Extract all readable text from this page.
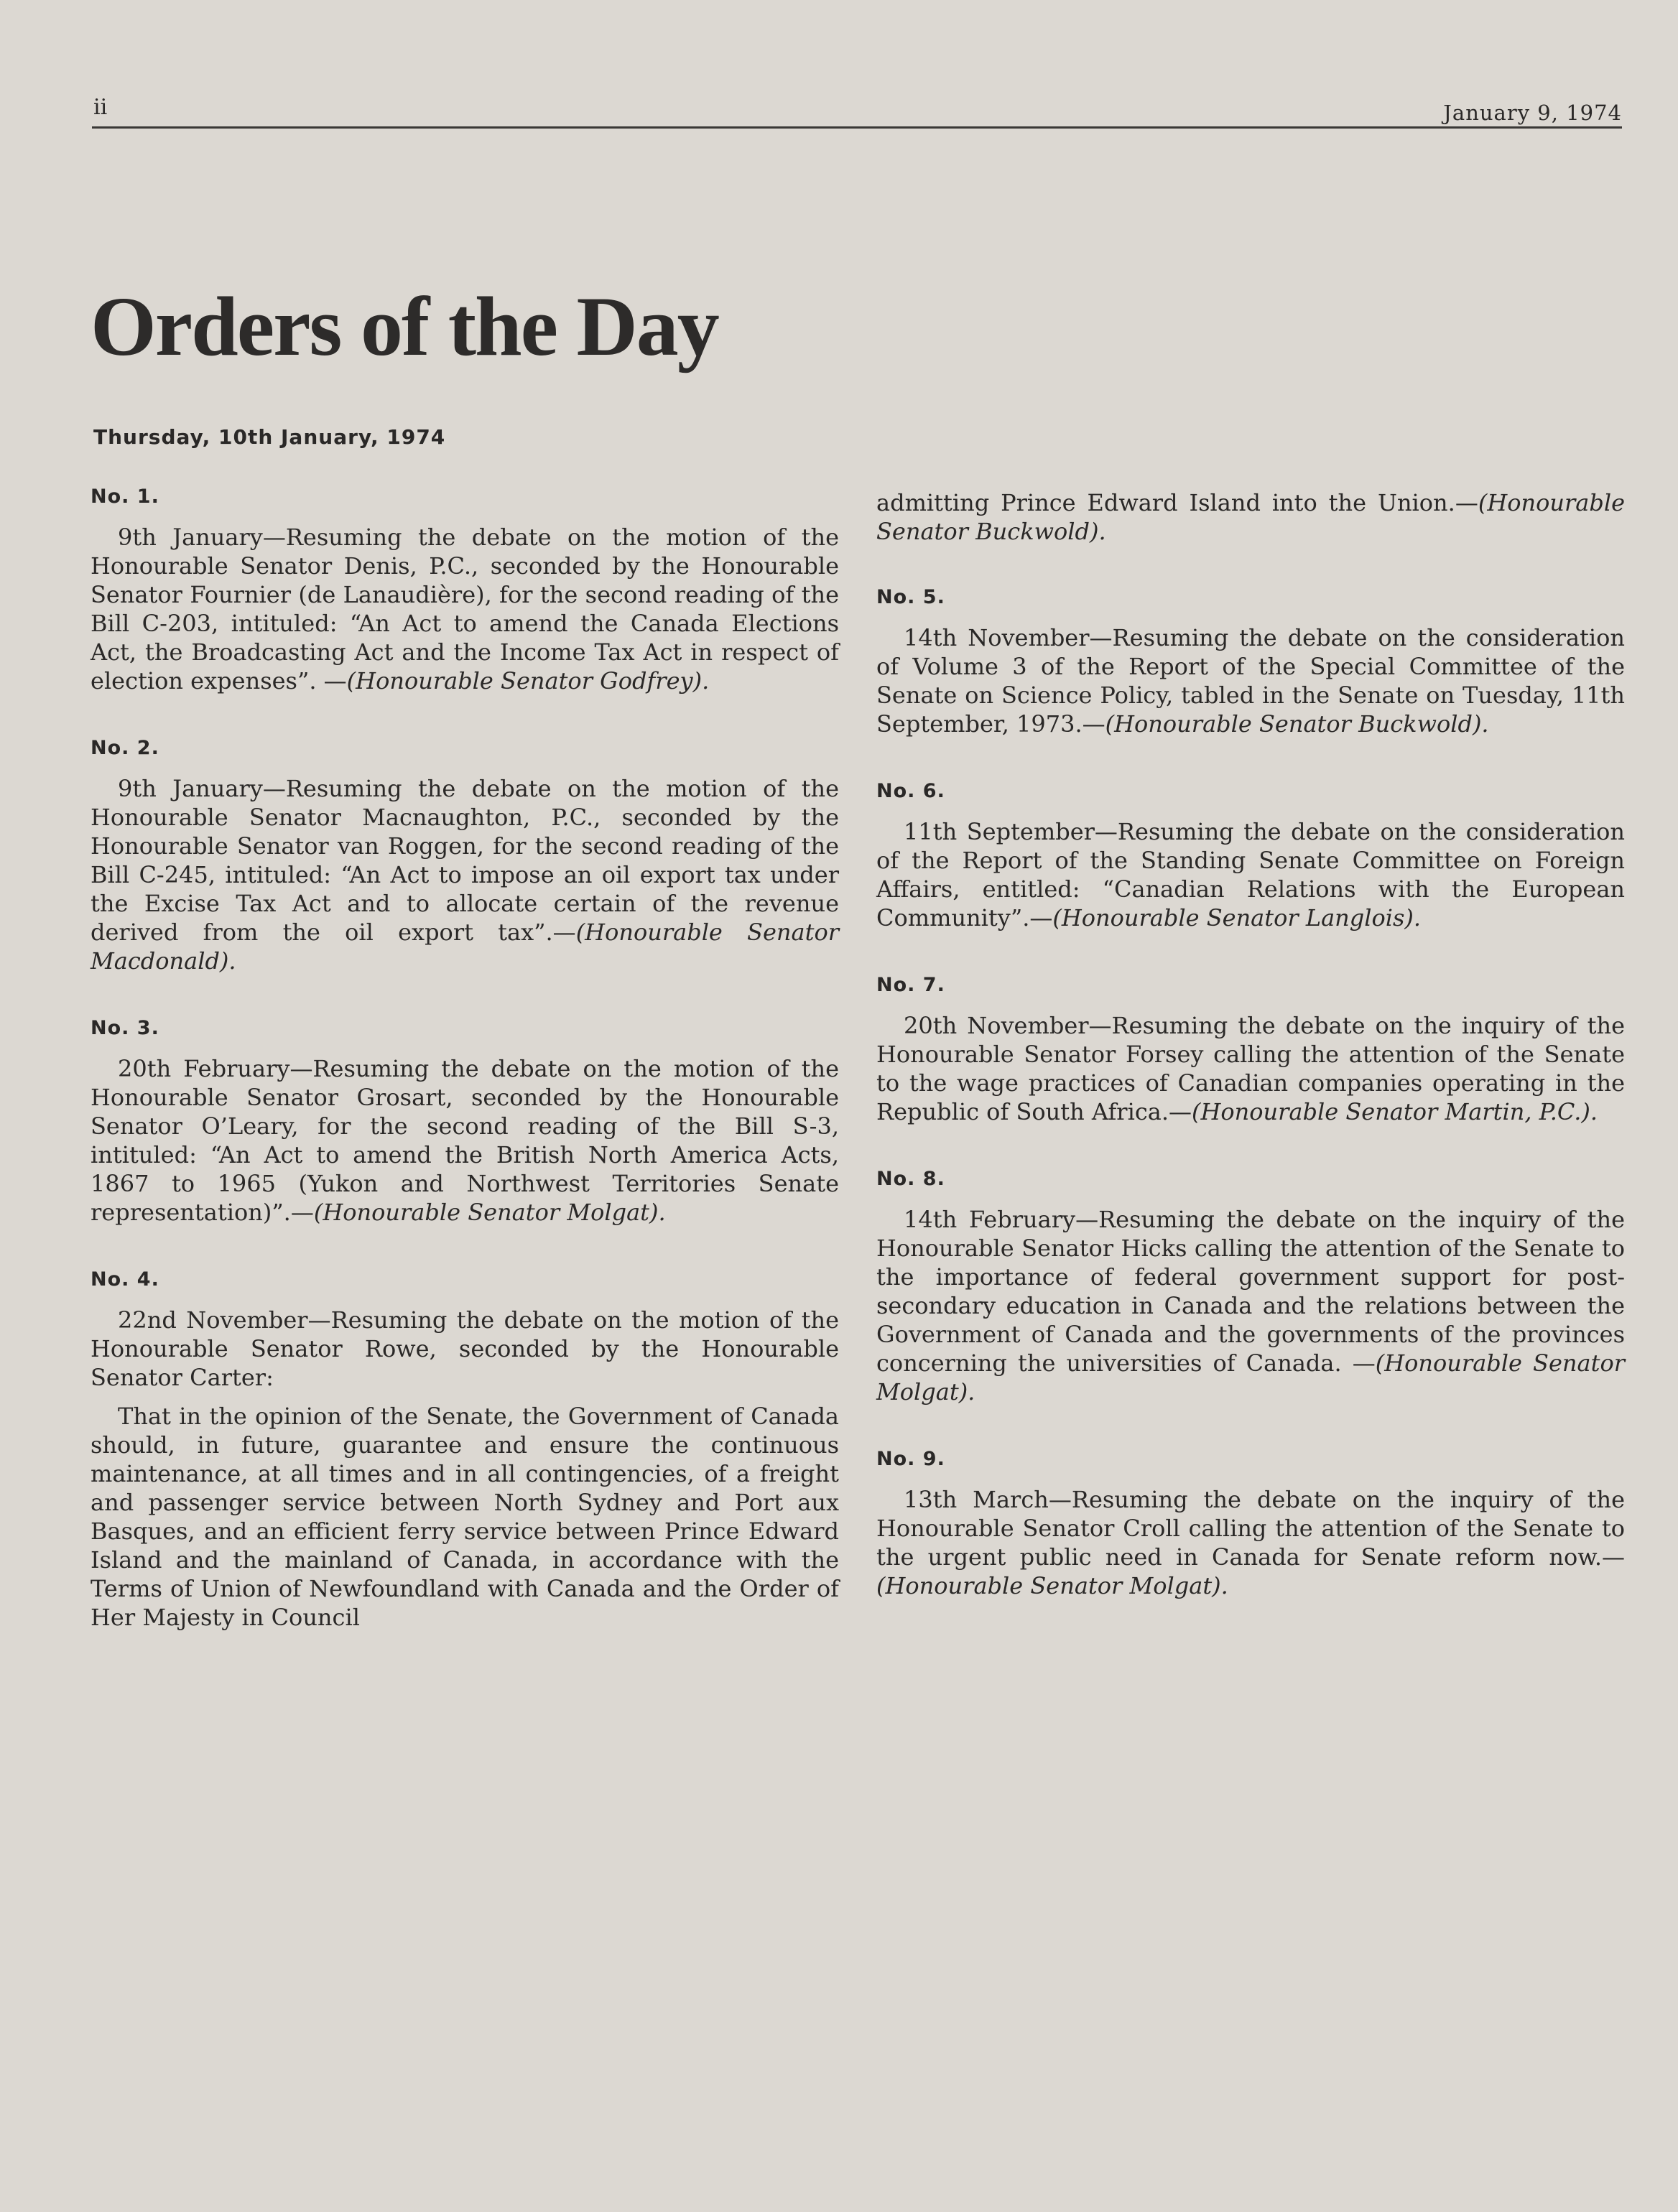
ii	January 9, 1974
Orders of the Day
Thursday, 10th January, 1974
No. 1.

9th January—Resuming the debate on the motion of the Honourable Senator Denis, P.C., seconded by the Honourable Senator Fournier (de Lanaudière), for the second reading of the Bill C-203, intituled: “An Act to amend the Canada Elections Act, the Broadcasting Act and the Income Tax Act in respect of election expenses”. —(Honourable Senator Godfrey).

No. 2.

9th January—Resuming the debate on the motion of the Honourable Senator Macnaughton, P.C., seconded by the Honourable Senator van Roggen, for the second reading of the Bill C-245, intituled: “An Act to impose an oil export tax under the Excise Tax Act and to allocate certain of the revenue derived from the oil export tax”.—(Honourable Senator Macdonald).

No. 3.

20th February—Resuming the debate on the motion of the Honourable Senator Grosart, seconded by the Honourable Senator O’Leary, for the second reading of the Bill S-3, intituled: “An Act to amend the British North America Acts, 1867 to 1965 (Yukon and Northwest Territories Senate representation)”.—(Honourable Senator Molgat).

No. 4.

22nd November—Resuming the debate on the motion of the Honourable Senator Rowe, seconded by the Honourable Senator Carter:

That in the opinion of the Senate, the Government of Canada should, in future, guarantee and ensure the continuous maintenance, at all times and in all contingencies, of a freight and passenger service between North Sydney and Port aux Basques, and an efficient ferry service between Prince Edward Island and the mainland of Canada, in accordance with the Terms of Union of Newfoundland with Canada and the Order of Her Majesty in Council

admitting Prince Edward Island into the Union.—(Honourable Senator Buckwold).

No. 5.

14th November—Resuming the debate on the consideration of Volume 3 of the Report of the Special Committee of the Senate on Science Policy, tabled in the Senate on Tuesday, 11th September, 1973.—(Honourable Senator Buckwold).

No. 6.

11th September—Resuming the debate on the consideration of the Report of the Standing Senate Committee on Foreign Affairs, entitled: “Canadian Relations with the European Community”.—(Honourable Senator Langlois).

No. 7.

20th November—Resuming the debate on the inquiry of the Honourable Senator Forsey calling the attention of the Senate to the wage practices of Canadian companies operating in the Republic of South Africa.—(Honourable Senator Martin, P.C.).

No. 8.

14th February—Resuming the debate on the inquiry of the Honourable Senator Hicks calling the attention of the Senate to the importance of federal government support for post-secondary education in Canada and the relations between the Government of Canada and the governments of the provinces concerning the universities of Canada. —(Honourable Senator Molgat).

No. 9.

13th March—Resuming the debate on the inquiry of the Honourable Senator Croll calling the attention of the Senate to the urgent public need in Canada for Senate reform now.—(Honourable Senator Molgat).
